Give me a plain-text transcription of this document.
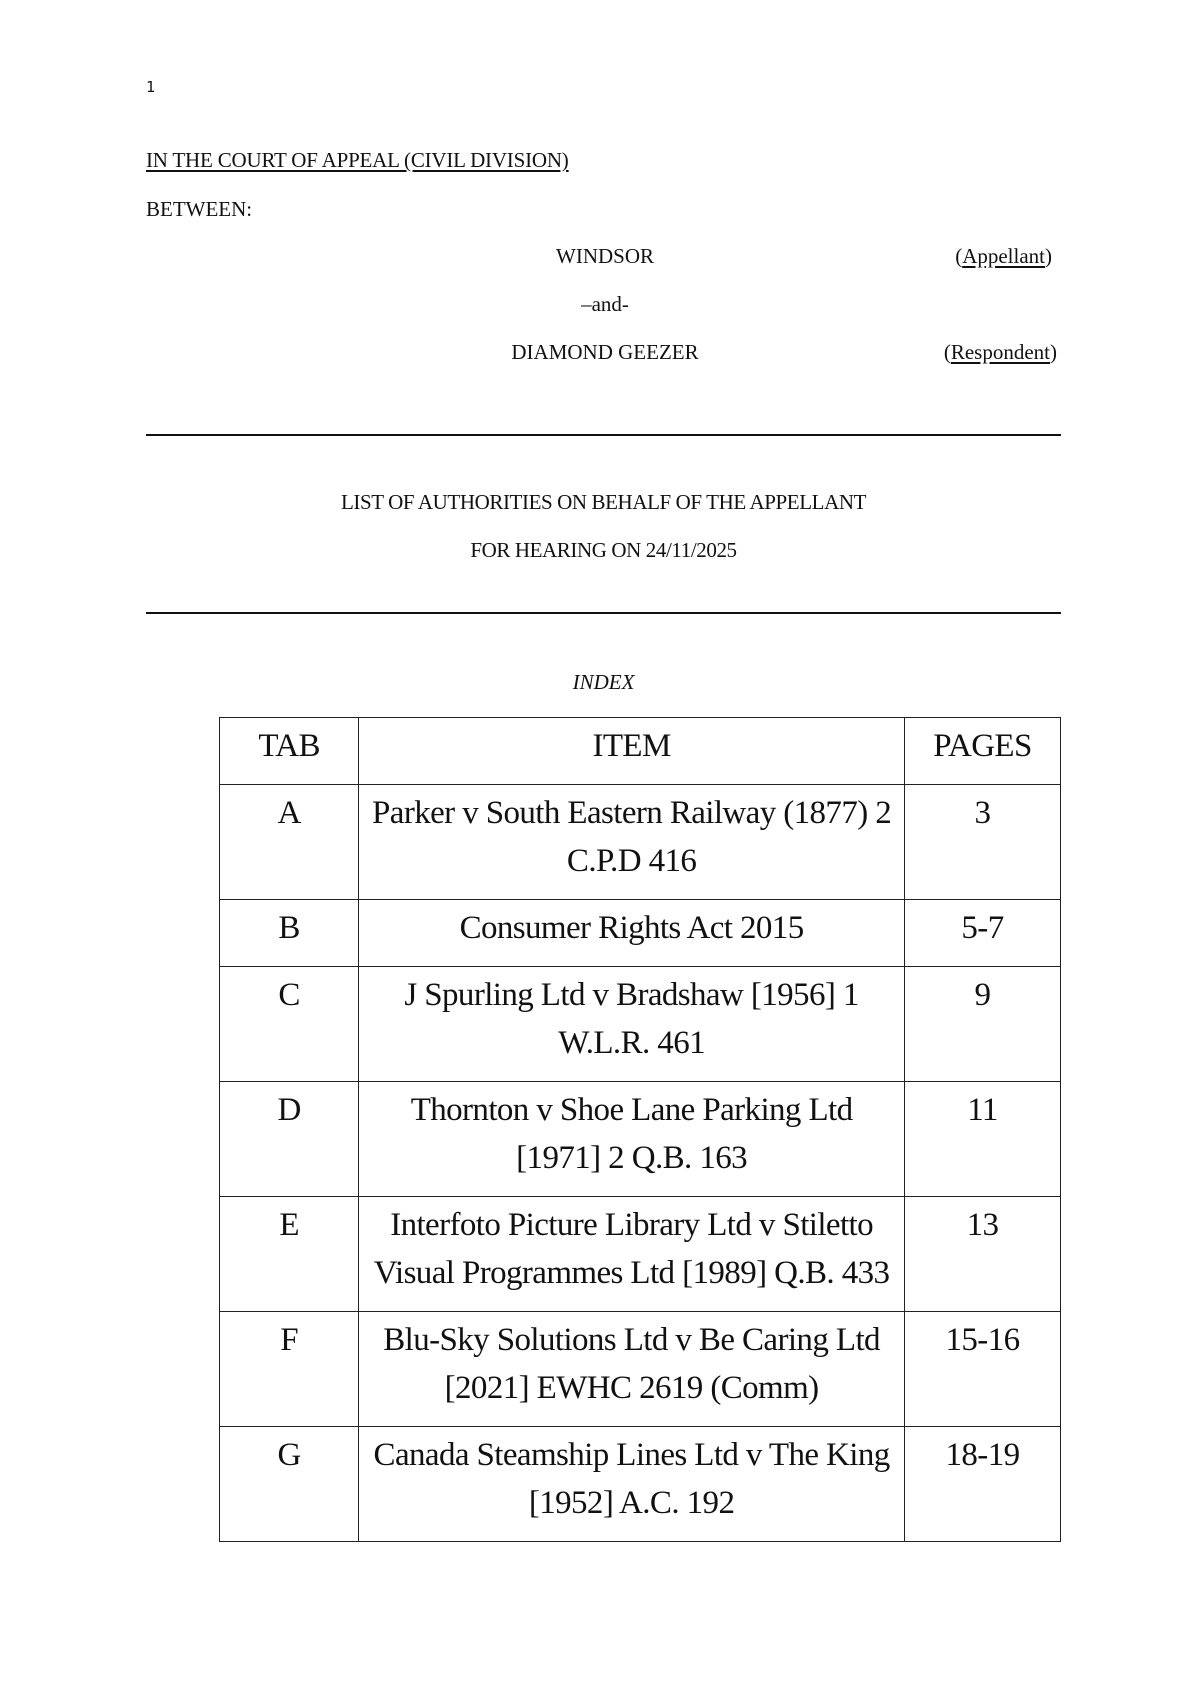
1
IN THE COURT OF APPEAL (CIVIL DIVISION)
BETWEEN:
WINDSOR	(Appellant)
–and-
DIAMOND GEEZER	(Respondent)
LIST OF AUTHORITIES ON BEHALF OF THE APPELLANT
FOR HEARING ON 24/11/2025
INDEX
TAB	ITEM	PAGES
A	Parker v South Eastern Railway (1877) 2 C.P.D 416	3
B	Consumer Rights Act 2015	5-7
C	J Spurling Ltd v Bradshaw [1956] 1 W.L.R. 461	9
D	Thornton v Shoe Lane Parking Ltd [1971] 2 Q.B. 163	11
E	Interfoto Picture Library Ltd v Stiletto Visual Programmes Ltd [1989] Q.B. 433	13
F	Blu-Sky Solutions Ltd v Be Caring Ltd [2021] EWHC 2619 (Comm)	15-16
G	Canada Steamship Lines Ltd v The King [1952] A.C. 192	18-19
